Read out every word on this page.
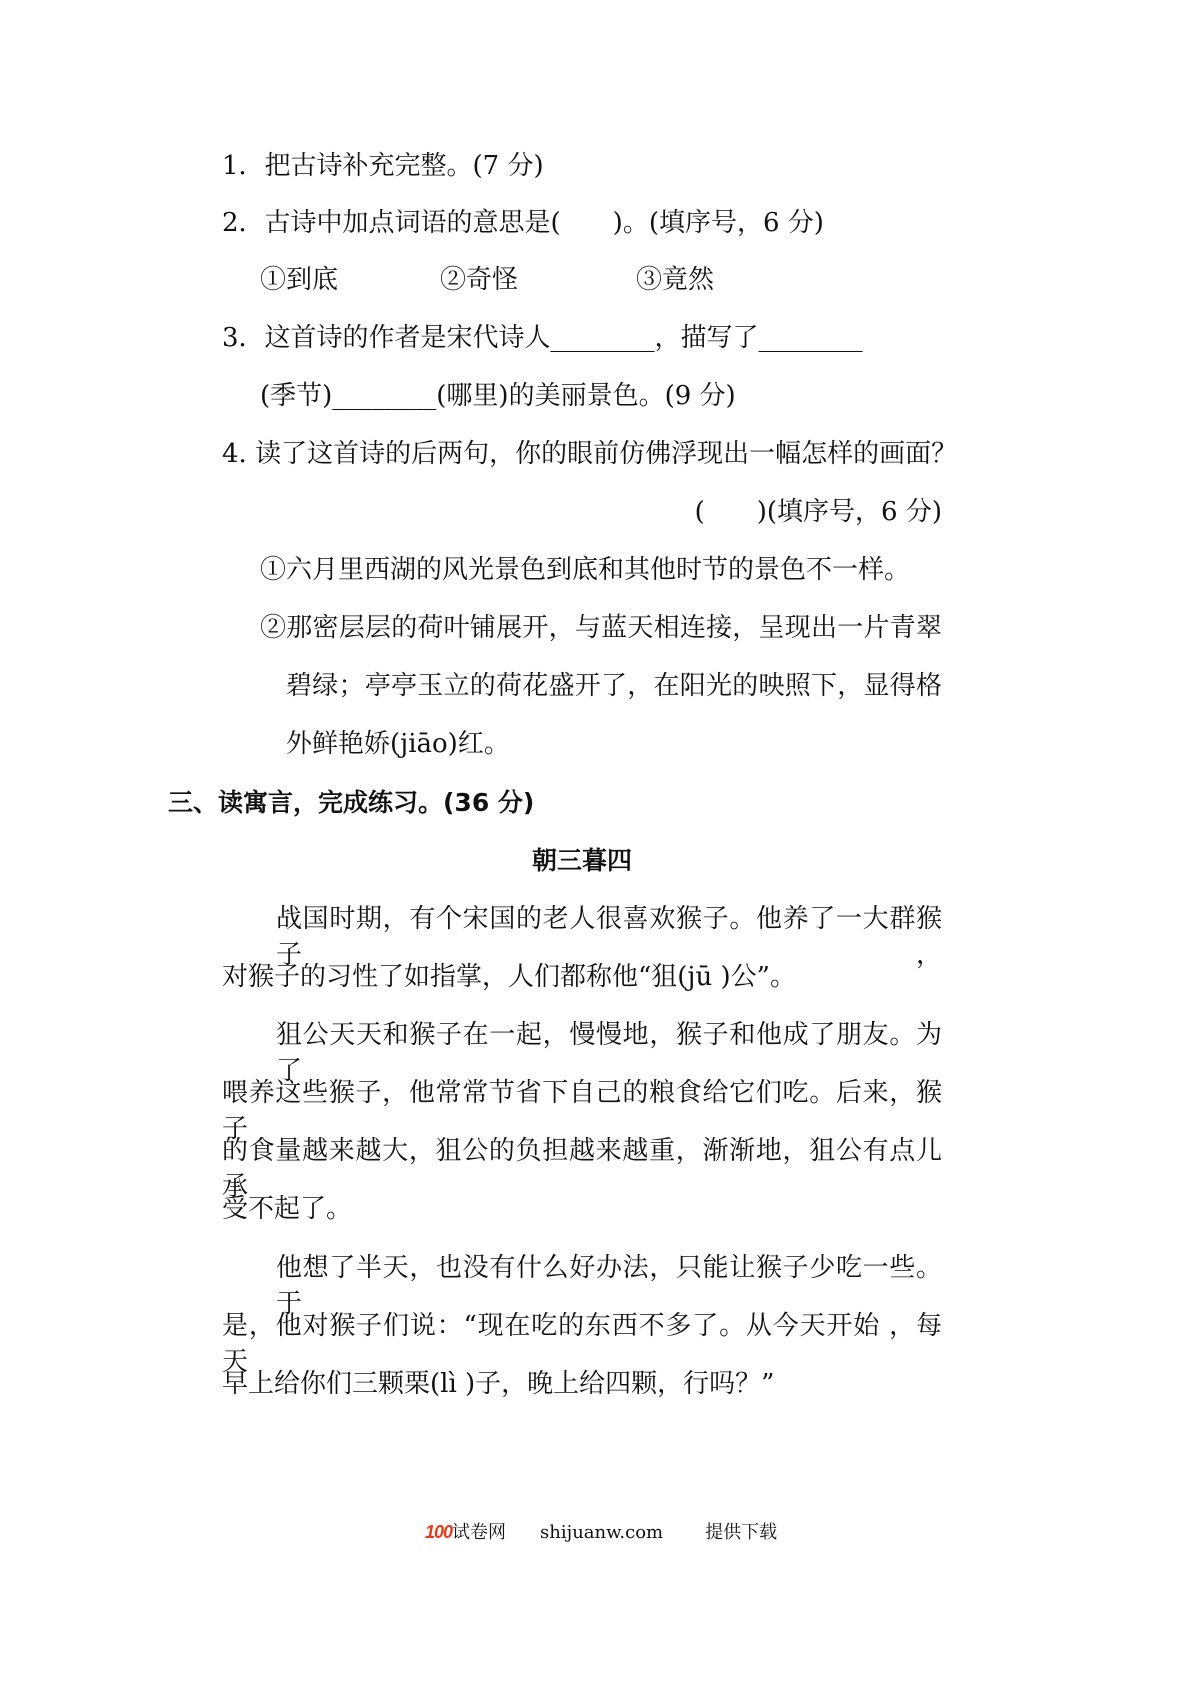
1．把古诗补充完整。(7 分)
2．古诗中加点词语的意思是(　　)。(填序号，6 分)
①到底	②奇怪	③竟然
3．这首诗的作者是宋代诗人________，描写了________
(季节)________(哪里)的美丽景色。(9 分)
4. 读了这首诗的后两句，你的眼前仿佛浮现出一幅怎样的画面？
(　　)(填序号，6 分)
①六月里西湖的风光景色到底和其他时节的景色不一样。
②那密层层的荷叶铺展开，与蓝天相连接，呈现出一片青翠
碧绿；亭亭玉立的荷花盛开了，在阳光的映照下，显得格
外鲜艳娇(jiāo)红。
三、读寓言，完成练习。(36 分)
朝三暮四
战国时期，有个宋国的老人很喜欢猴子。他养了一大群猴子，
对猴子的习性了如指掌，人们都称他“狙(jū )公”。
狙公天天和猴子在一起，慢慢地，猴子和他成了朋友。为了
喂养这些猴子，他常常节省下自己的粮食给它们吃。后来，猴子
的食量越来越大，狙公的负担越来越重，渐渐地，狙公有点儿承
受不起了。
他想了半天，也没有什么好办法，只能让猴子少吃一些。于
是，他对猴子们说：“现在吃的东西不多了。从今天开始 ，每天
早上给你们三颗栗(lì )子，晚上给四颗，行吗？”
100试卷网 shijuanw.com 提供下载
